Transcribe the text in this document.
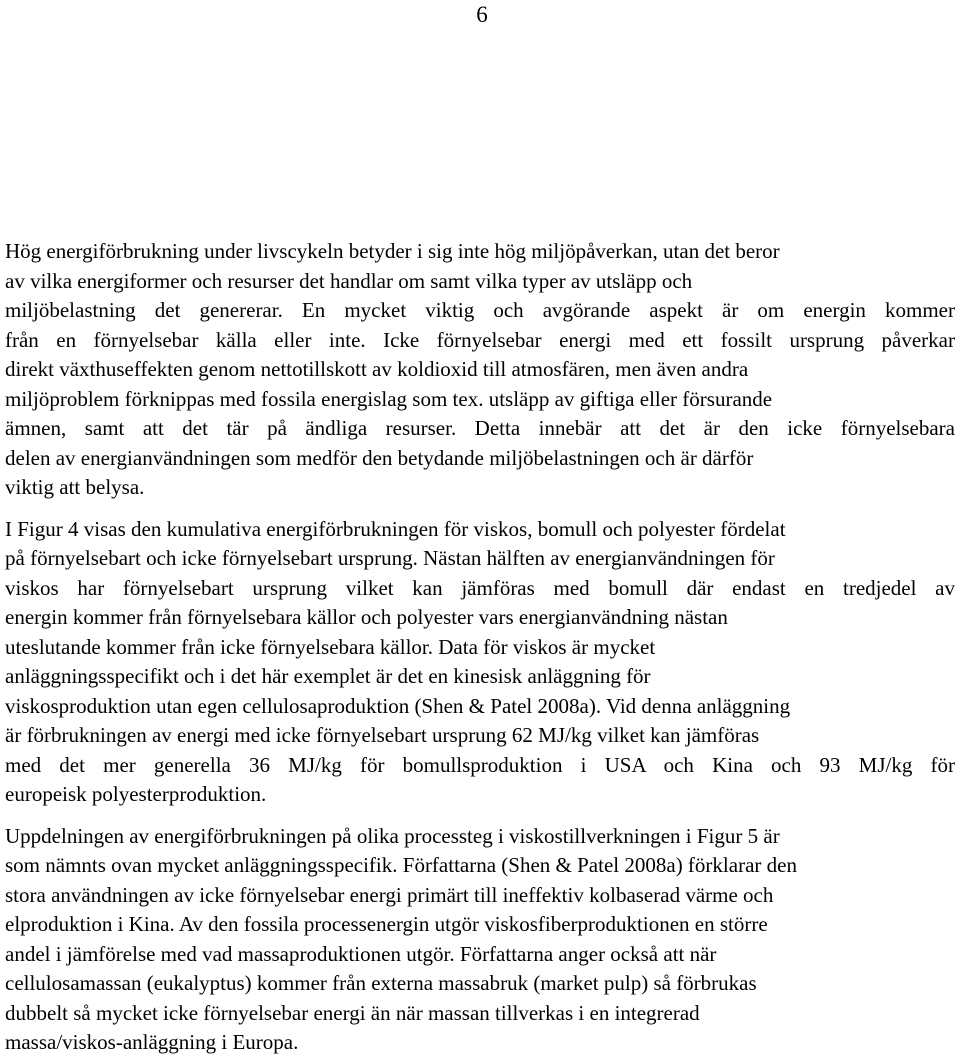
6

Hög energiförbrukning under livscykeln betyder i sig inte hög miljöpåverkan, utan det beror
av vilka energiformer och resurser det handlar om samt vilka typer av utsläpp och
miljöbelastning det genererar. En mycket viktig och avgörande aspekt är om energin kommer
från en förnyelsebar källa eller inte. Icke förnyelsebar energi med ett fossilt ursprung påverkar
direkt växthuseffekten genom nettotillskott av koldioxid till atmosfären, men även andra
miljöproblem förknippas med fossila energislag som tex. utsläpp av giftiga eller försurande
ämnen, samt att det tär på ändliga resurser. Detta innebär att det är den icke förnyelsebara
delen av energianvändningen som medför den betydande miljöbelastningen och är därför
viktig att belysa.

I Figur 4 visas den kumulativa energiförbrukningen för viskos, bomull och polyester fördelat
på förnyelsebart och icke förnyelsebart ursprung. Nästan hälften av energianvändningen för
viskos har förnyelsebart ursprung vilket kan jämföras med bomull där endast en tredjedel av
energin kommer från förnyelsebara källor och polyester vars energianvändning nästan
uteslutande kommer från icke förnyelsebara källor. Data för viskos är mycket
anläggningsspecifikt och i det här exemplet är det en kinesisk anläggning för
viskosproduktion utan egen cellulosaproduktion (Shen & Patel 2008a). Vid denna anläggning
är förbrukningen av energi med icke förnyelsebart ursprung 62 MJ/kg vilket kan jämföras
med det mer generella 36 MJ/kg för bomullsproduktion i USA och Kina och 93 MJ/kg för
europeisk polyesterproduktion.

Uppdelningen av energiförbrukningen på olika processteg i viskostillverkningen i Figur 5 är
som nämnts ovan mycket anläggningsspecifik. Författarna (Shen & Patel 2008a) förklarar den
stora användningen av icke förnyelsebar energi primärt till ineffektiv kolbaserad värme och
elproduktion i Kina. Av den fossila processenergin utgör viskosfiberproduktionen en större
andel i jämförelse med vad massaproduktionen utgör. Författarna anger också att när
cellulosamassan (eukalyptus) kommer från externa massabruk (market pulp) så förbrukas
dubbelt så mycket icke förnyelsebar energi än när massan tillverkas i en integrerad
massa/viskos-anläggning i Europa.
